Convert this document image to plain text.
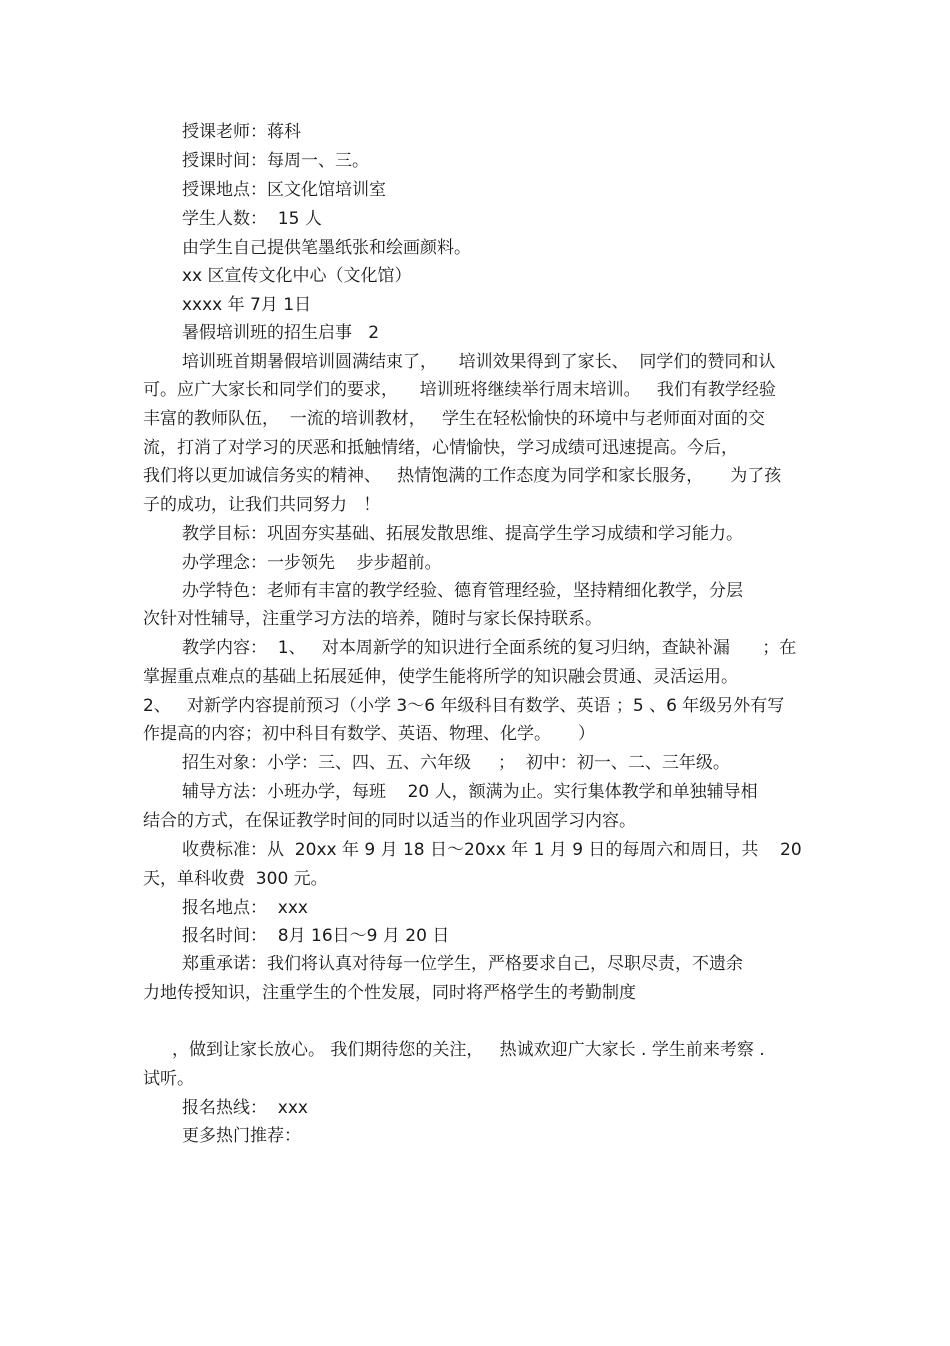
授课老师：蒋科
授课时间：每周一、三。
授课地点：区文化馆培训室
学生人数：  15 人
由学生自己提供笔墨纸张和绘画颜料。
xx 区宣传文化中心（文化馆）
xxxx 年 7月 1日
暑假培训班的招生启事   2
培训班首期暑假培训圆满结束了，    培训效果得到了家长、  同学们的赞同和认
可。应广大家长和同学们的要求，    培训班将继续举行周末培训。   我们有教学经验
丰富的教师队伍，  一流的培训教材，   学生在轻松愉快的环境中与老师面对面的交
流，打消了对学习的厌恶和抵触情绪，心情愉快，学习成绩可迅速提高。今后，
我们将以更加诚信务实的精神、   热情饱满的工作态度为同学和家长服务，     为了孩
子的成功，让我们共同努力   ！
教学目标：巩固夯实基础、拓展发散思维、提高学生学习成绩和学习能力。
办学理念：一步领先    步步超前。
办学特色：老师有丰富的教学经验、德育管理经验，坚持精细化教学，分层
次针对性辅导，注重学习方法的培养，随时与家长保持联系。
教学内容：  1、   对本周新学的知识进行全面系统的复习归纳，查缺补漏      ；在
掌握重点难点的基础上拓展延伸，使学生能将所学的知识融会贯通、灵活运用。
2、   对新学内容提前预习（小学 3～6 年级科目有数学、英语 ；5 、6 年级另外有写
作提高的内容；初中科目有数学、英语、物理、化学。     ）
招生对象：小学：三、四、五、六年级     ；  初中：初一、二、三年级。
辅导方法：小班办学，每班    20 人，额满为止。实行集体教学和单独辅导相
结合的方式，在保证教学时间的同时以适当的作业巩固学习内容。
收费标准：从  20xx 年 9 月 18 日～20xx 年 1 月 9 日的每周六和周日，共    20
天，单科收费  300 元。
报名地点：  xxx
报名时间：  8月 16日～9 月 20 日
郑重承诺：我们将认真对待每一位学生，严格要求自己，尽职尽责，不遗余
力地传授知识，注重学生的个性发展，同时将严格学生的考勤制度
，做到让家长放心。 我们期待您的关注，   热诚欢迎广大家长 . 学生前来考察 .
试听。
报名热线：  xxx
更多热门推荐：
